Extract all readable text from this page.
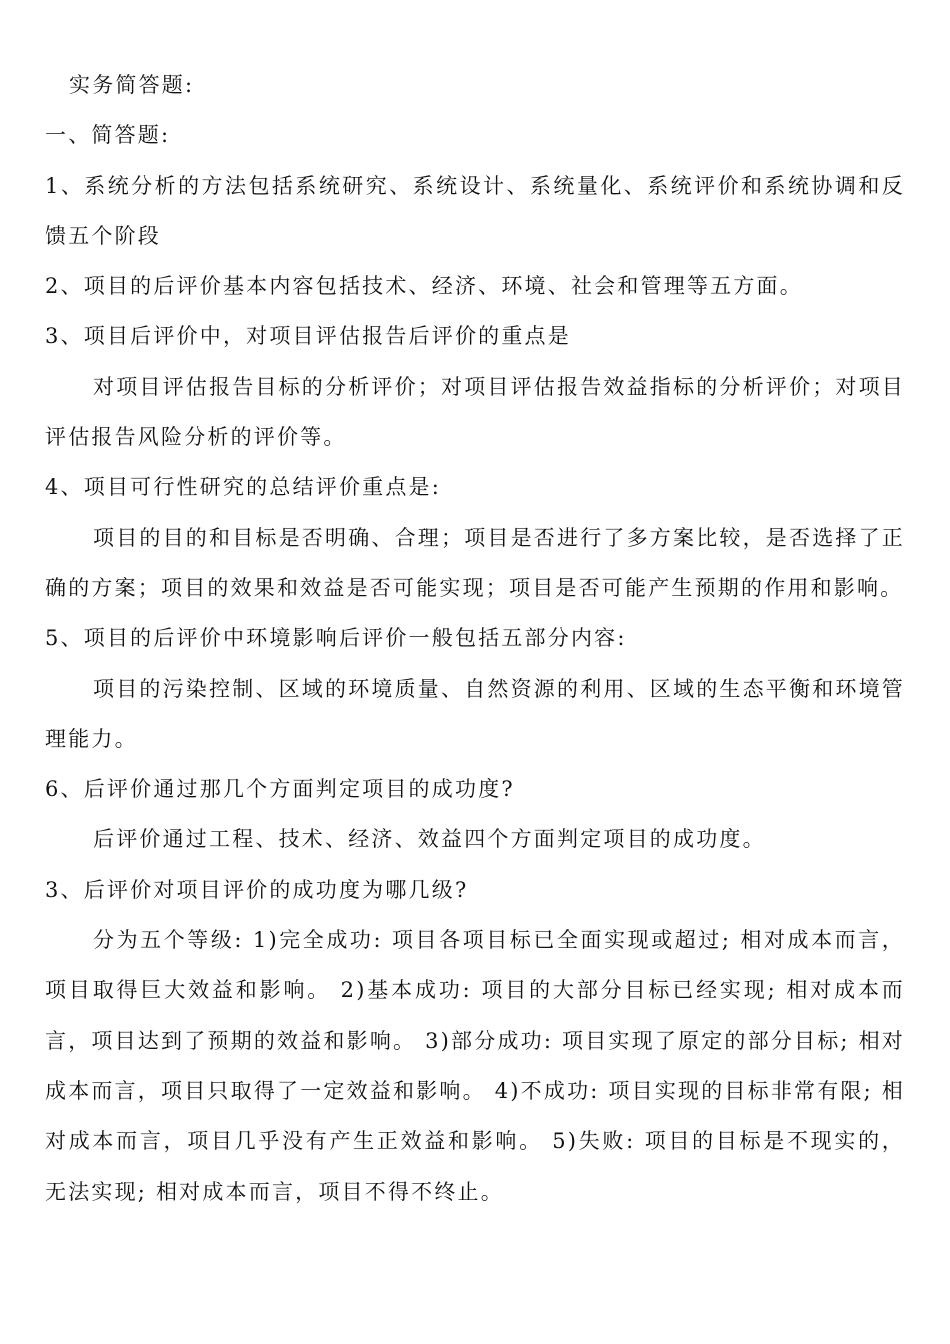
实务简答题:
一、简答题:
1、系统分析的方法包括系统研究、系统设计、系统量化、系统评价和系统协调和反馈五个阶段
2、项目的后评价基本内容包括技术、经济、环境、社会和管理等五方面。
3、项目后评价中，对项目评估报告后评价的重点是
对项目评估报告目标的分析评价；对项目评估报告效益指标的分析评价；对项目评估报告风险分析的评价等。
4、项目可行性研究的总结评价重点是:
项目的目的和目标是否明确、合理；项目是否进行了多方案比较，是否选择了正确的方案；项目的效果和效益是否可能实现；项目是否可能产生预期的作用和影响。
5、项目的后评价中环境影响后评价一般包括五部分内容:
项目的污染控制、区域的环境质量、自然资源的利用、区域的生态平衡和环境管理能力。
6、后评价通过那几个方面判定项目的成功度?
后评价通过工程、技术、经济、效益四个方面判定项目的成功度。
3、后评价对项目评价的成功度为哪几级?
分为五个等级: 1)完全成功: 项目各项目标已全面实现或超过; 相对成本而言，项目取得巨大效益和影响。 2)基本成功: 项目的大部分目标已经实现; 相对成本而言，项目达到了预期的效益和影响。 3)部分成功: 项目实现了原定的部分目标; 相对成本而言，项目只取得了一定效益和影响。 4)不成功: 项目实现的目标非常有限; 相对成本而言，项目几乎没有产生正效益和影响。 5)失败: 项目的目标是不现实的，无法实现; 相对成本而言，项目不得不终止。
